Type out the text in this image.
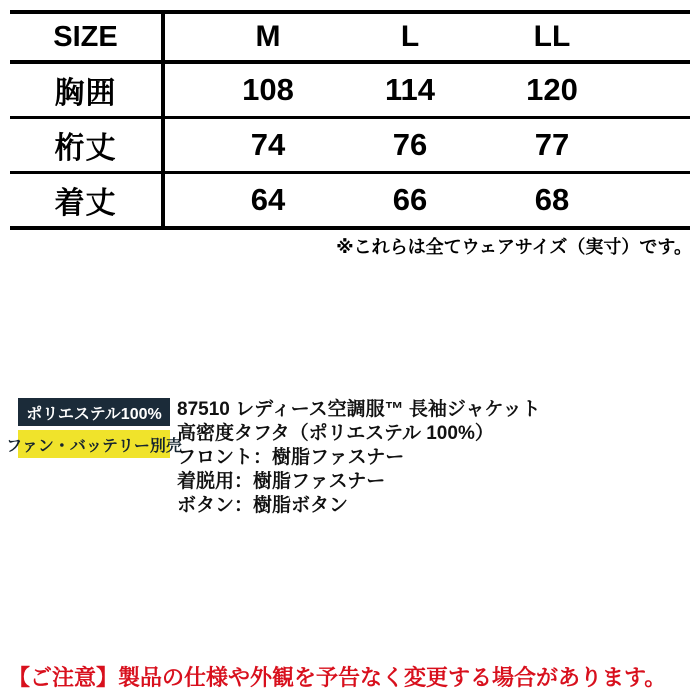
SIZE	M	L	LL
胸囲	108	114	120
桁丈	74	76	77
着丈	64	66	68
※これらは全てウェアサイズ（実寸）です。
ポリエステル100%
ファン・バッテリー別売
87510 レディース空調服™ 長袖ジャケット
高密度タフタ（ポリエステル 100%）
フロント：樹脂ファスナー
着脱用：樹脂ファスナー
ボタン：樹脂ボタン
【ご注意】製品の仕様や外観を予告なく変更する場合があります。
